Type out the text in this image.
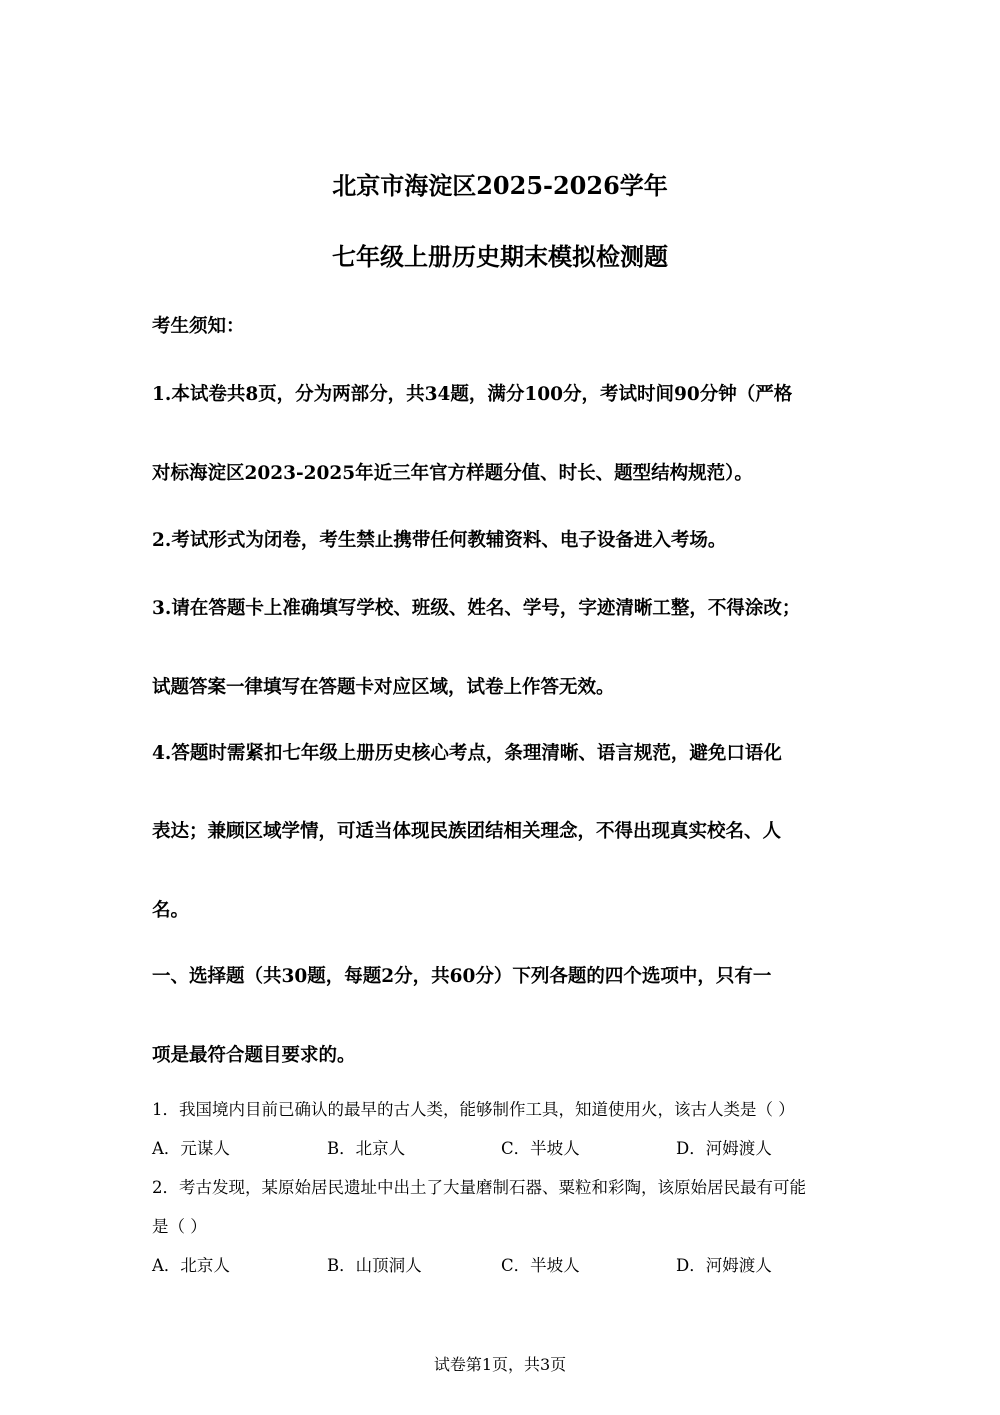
北京市海淀区2025-2026学年
七年级上册历史期末模拟检测题
考生须知：
1.本试卷共8页，分为两部分，共34题，满分100分，考试时间90分钟（严格
对标海淀区2023-2025年近三年官方样题分值、时长、题型结构规范）。
2.考试形式为闭卷，考生禁止携带任何教辅资料、电子设备进入考场。
3.请在答题卡上准确填写学校、班级、姓名、学号，字迹清晰工整，不得涂改；
试题答案一律填写在答题卡对应区域，试卷上作答无效。
4.答题时需紧扣七年级上册历史核心考点，条理清晰、语言规范，避免口语化
表达；兼顾区域学情，可适当体现民族团结相关理念，不得出现真实校名、人
名。
一、选择题（共30题，每题2分，共60分）下列各题的四个选项中，只有一
项是最符合题目要求的。
1．我国境内目前已确认的最早的古人类，能够制作工具，知道使用火，该古人类是（ ）
A．元谋人	B．北京人	C．半坡人	D．河姆渡人
2．考古发现，某原始居民遗址中出土了大量磨制石器、粟粒和彩陶，该原始居民最有可能
是（ ）
A．北京人	B．山顶洞人	C．半坡人	D．河姆渡人
试卷第1页，共3页
